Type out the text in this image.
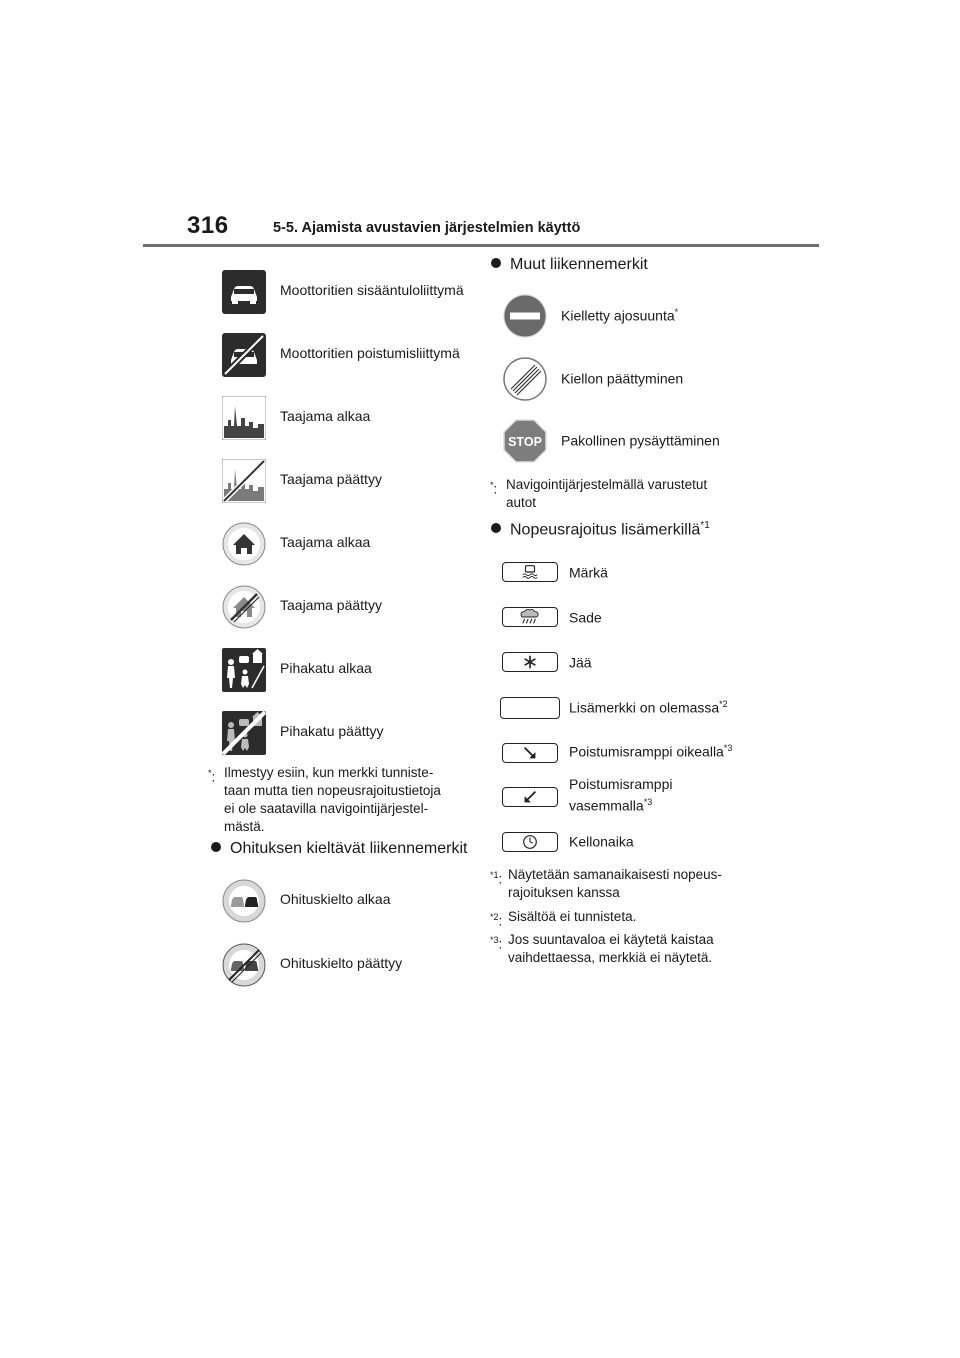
316	5-5. Ajamista avustavien järjestelmien käyttö
Moottoritien sisääntuloliittymä
Moottoritien poistumisliittymä
Taajama alkaa
Taajama päättyy
Taajama alkaa
Taajama päättyy
Pihakatu alkaa
Pihakatu päättyy
*: Ilmestyy esiin, kun merkki tunniste-
taan mutta tien nopeusrajoitustietoja
ei ole saatavilla navigointijärjestel-
mästä.
Ohituksen kieltävät liikennemerkit
Ohituskielto alkaa
Ohituskielto päättyy
Muut liikennemerkit
Kielletty ajosuunta*
Kiellon päättyminen
STOP Pakollinen pysäyttäminen
*: Navigointijärjestelmällä varustetut
autot
Nopeusrajoitus lisämerkillä$^{*1}$
Märkä
Sade
Jää
Lisämerkki on olemassa$^{*2}$
Poistumisramppi oikealla$^{*3}$
Poistumisramppi
vasemmalla$^{*3}$
Kellonaika
$^{*1}$: Näytetään samanaikaisesti nopeus-
rajoituksen kanssa
$^{*2}$: Sisältöä ei tunnisteta.
$^{*3}$: Jos suuntavaloa ei käytetä kaistaa
vaihdettaessa, merkkiä ei näytetä.
